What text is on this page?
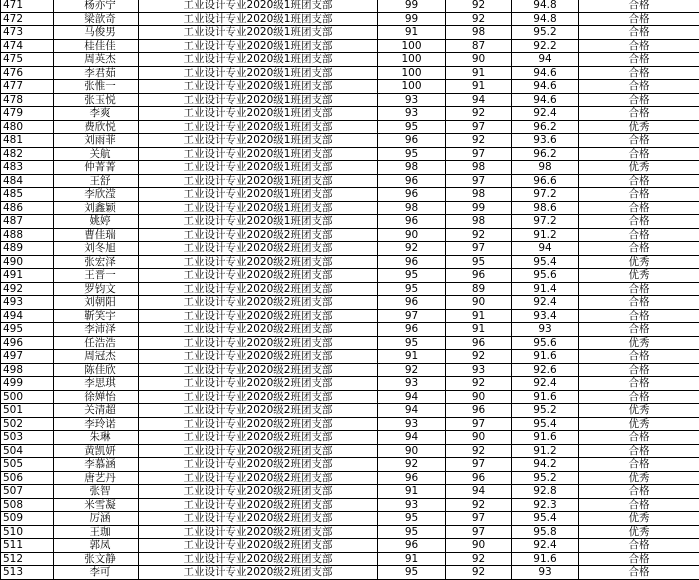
471	杨亦宁	工业设计专业2020级1班团支部	99	92	94.8	合格
472	梁歆奇	工业设计专业2020级1班团支部	99	92	94.8	合格
473	马俊男	工业设计专业2020级1班团支部	91	98	95.2	合格
474	桂佳佳	工业设计专业2020级1班团支部	100	87	92.2	合格
475	周英杰	工业设计专业2020级1班团支部	100	90	94	合格
476	李君茹	工业设计专业2020级1班团支部	100	91	94.6	合格
477	张惟一	工业设计专业2020级1班团支部	100	91	94.6	合格
478	张玉悦	工业设计专业2020级1班团支部	93	94	94.6	合格
479	李爽	工业设计专业2020级1班团支部	93	92	92.4	合格
480	费欣悦	工业设计专业2020级1班团支部	95	97	96.2	优秀
481	刘雨菲	工业设计专业2020级1班团支部	96	92	93.6	合格
482	关航	工业设计专业2020级1班团支部	95	97	96.2	合格
483	仲菁菁	工业设计专业2020级1班团支部	98	98	98	优秀
484	王舒	工业设计专业2020级1班团支部	96	97	96.6	合格
485	李欣滢	工业设计专业2020级1班团支部	96	98	97.2	合格
486	刘鑫颖	工业设计专业2020级1班团支部	98	99	98.6	合格
487	姚婷	工业设计专业2020级1班团支部	96	98	97.2	合格
488	曹佳瑞	工业设计专业2020级2班团支部	90	92	91.2	合格
489	刘冬旭	工业设计专业2020级2班团支部	92	97	94	合格
490	张宏泽	工业设计专业2020级2班团支部	96	95	95.4	优秀
491	王晋一	工业设计专业2020级2班团支部	95	96	95.6	优秀
492	罗钧文	工业设计专业2020级2班团支部	95	89	91.4	合格
493	刘朝阳	工业设计专业2020级2班团支部	96	90	92.4	合格
494	靳笑宇	工业设计专业2020级2班团支部	97	91	93.4	合格
495	李沛泽	工业设计专业2020级2班团支部	96	91	93	合格
496	任浩浩	工业设计专业2020级2班团支部	95	96	95.6	优秀
497	周冠杰	工业设计专业2020级2班团支部	91	92	91.6	合格
498	陈佳欣	工业设计专业2020级2班团支部	92	93	92.6	合格
499	李思琪	工业设计专业2020级2班团支部	93	92	92.4	合格
500	徐婵怡	工业设计专业2020级2班团支部	94	90	91.6	合格
501	关清超	工业设计专业2020级2班团支部	94	96	95.2	优秀
502	李玲诺	工业设计专业2020级2班团支部	93	97	95.4	优秀
503	朱琳	工业设计专业2020级2班团支部	94	90	91.6	合格
504	黄凯妍	工业设计专业2020级2班团支部	90	92	91.2	合格
505	李慕涵	工业设计专业2020级2班团支部	92	97	94.2	合格
506	唐艺丹	工业设计专业2020级2班团支部	96	96	95.2	优秀
507	张智	工业设计专业2020级2班团支部	91	94	92.8	合格
508	米雪凝	工业设计专业2020级2班团支部	93	92	92.3	合格
509	厉涵	工业设计专业2020级2班团支部	95	97	95.4	优秀
510	王珈	工业设计专业2020级2班团支部	95	97	95.8	优秀
511	郭凤	工业设计专业2020级2班团支部	96	90	92.4	合格
512	张文静	工业设计专业2020级2班团支部	91	92	91.6	合格
513	李可	工业设计专业2020级2班团支部	95	92	93	合格
